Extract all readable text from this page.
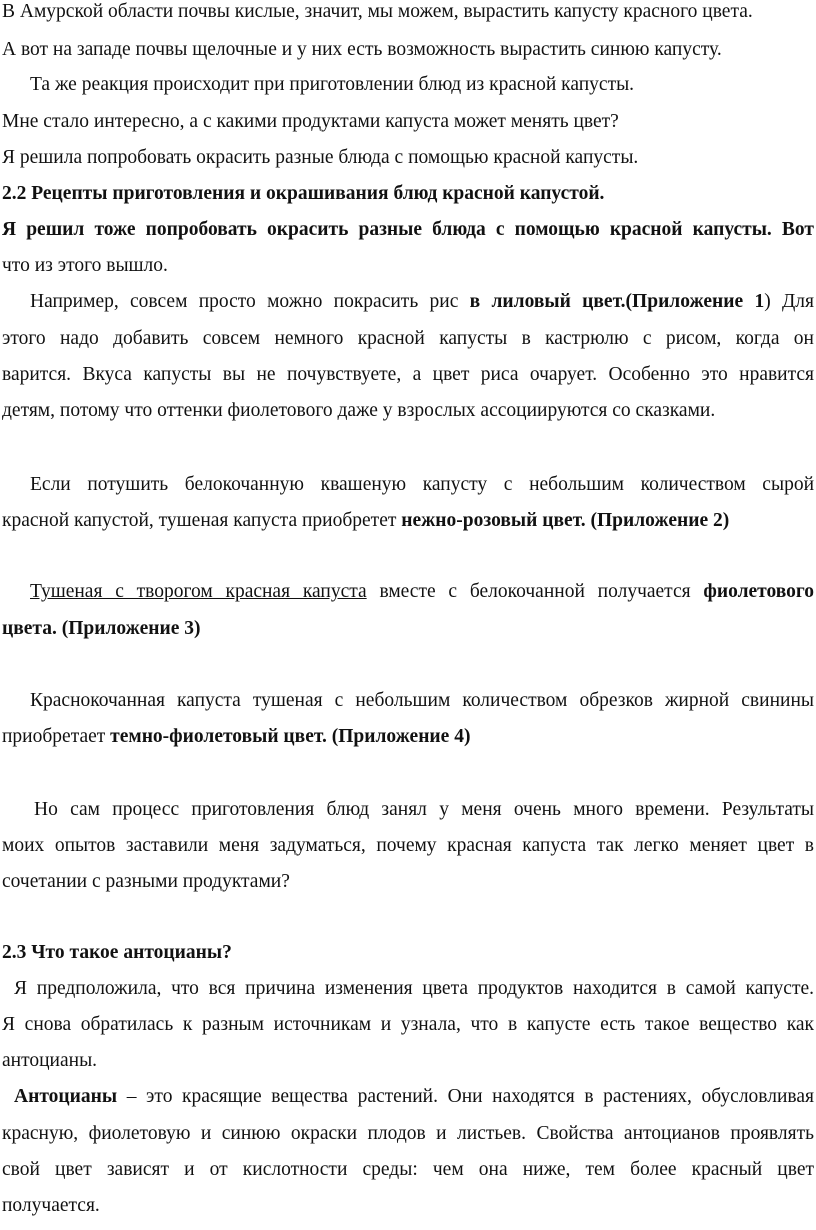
В Амурской области почвы кислые, значит, мы можем, вырастить капусту красного цвета.
А вот на западе почвы щелочные и у них есть возможность вырастить синюю капусту.
Та же реакция происходит при приготовлении блюд из красной капусты.
Мне стало интересно, а с какими продуктами капуста может менять цвет?
Я решила попробовать окрасить разные блюда с помощью красной капусты.
2.2 Рецепты приготовления и окрашивания блюд красной капустой.
Я решил тоже попробовать окрасить разные блюда с помощью красной капусты. Вот
что из этого вышло.
Например, совсем просто можно покрасить рис в лиловый цвет.(Приложение 1) Для
этого надо добавить совсем немного красной капусты в кастрюлю с рисом, когда он
варится. Вкуса капусты вы не почувствуете, а цвет риса очарует. Особенно это нравится
детям, потому что оттенки фиолетового даже у взрослых ассоциируются со сказками.
Если потушить белокочанную квашеную капусту с небольшим количеством сырой
красной капустой, тушеная капуста приобретет нежно-розовый цвет. (Приложение 2)
Тушеная с творогом красная капуста вместе с белокочанной получается фиолетового
цвета. (Приложение 3)
Краснокочанная капуста тушеная с небольшим количеством обрезков жирной свинины
приобретает темно-фиолетовый цвет. (Приложение 4)
Но сам процесс приготовления блюд занял у меня очень много времени. Результаты
моих опытов заставили меня задуматься, почему красная капуста так легко меняет цвет в
сочетании с разными продуктами?
2.3 Что такое антоцианы?
Я предположила, что вся причина изменения цвета продуктов находится в самой капусте.
Я снова обратилась к разным источникам и узнала, что в капусте есть такое вещество как
антоцианы.
Антоцианы – это красящие вещества растений. Они находятся в растениях, обусловливая
красную, фиолетовую и синюю окраски плодов и листьев. Свойства антоцианов проявлять
свой цвет зависят и от кислотности среды: чем она ниже, тем более красный цвет
получается.
